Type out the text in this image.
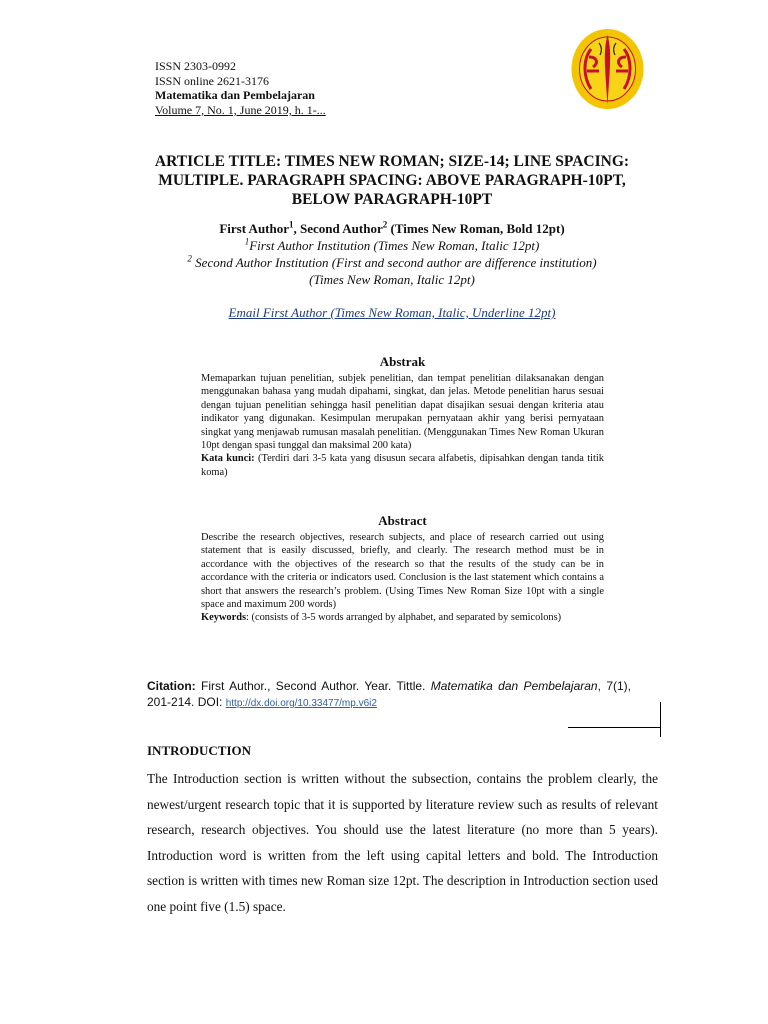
ISSN 2303-0992
ISSN online 2621-3176
Matematika dan Pembelajaran
Volume 7, No. 1, June 2019, h. 1-...
ARTICLE TITLE: TIMES NEW ROMAN; SIZE-14; LINE SPACING: MULTIPLE. PARAGRAPH SPACING: ABOVE PARAGRAPH-10PT, BELOW PARAGRAPH-10PT
First Author$^1$, Second Author$^2$ (Times New Roman, Bold 12pt)
$^1$First Author Institution (Times New Roman, Italic 12pt)
$^2$ Second Author Institution (First and second author are difference institution)
(Times New Roman, Italic 12pt)
Email First Author (Times New Roman, Italic, Underline 12pt)
Abstrak

Memaparkan tujuan penelitian, subjek penelitian, dan tempat penelitian dilaksanakan dengan menggunakan bahasa yang mudah dipahami, singkat, dan jelas. Metode penelitian harus sesuai dengan tujuan penelitian sehingga hasil penelitian dapat disajikan sesuai dengan kriteria atau indikator yang digunakan. Kesimpulan merupakan pernyataan akhir yang berisi pernyataan singkat yang menjawab rumusan masalah penelitian. (Menggunakan Times New Roman Ukuran 10pt dengan spasi tunggal dan maksimal 200 kata)

Kata kunci: (Terdiri dari 3-5 kata yang disusun secara alfabetis, dipisahkan dengan tanda titik koma)

Abstract

Describe the research objectives, research subjects, and place of research carried out using statement that is easily discussed, briefly, and clearly. The research method must be in accordance with the objectives of the research so that the results of the study can be in accordance with the criteria or indicators used. Conclusion is the last statement which contains a short that answers the research’s problem. (Using Times New Roman Size 10pt with a single space and maximum 200 words)

Keywords: (consists of 3-5 words arranged by alphabet, and separated by semicolons)

Citation: First Author., Second Author. Year. Tittle. Matematika dan Pembelajaran, 7(1), 201-214. DOI: http://dx.doi.org/10.33477/mp.v6i2
INTRODUCTION
The Introduction section is written without the subsection, contains the problem clearly, the newest/urgent research topic that it is supported by literature review such as results of relevant research, research objectives. You should use the latest literature (no more than 5 years). Introduction word is written from the left using capital letters and bold. The Introduction section is written with times new Roman size 12pt. The description in Introduction section used one point five (1.5) space.
